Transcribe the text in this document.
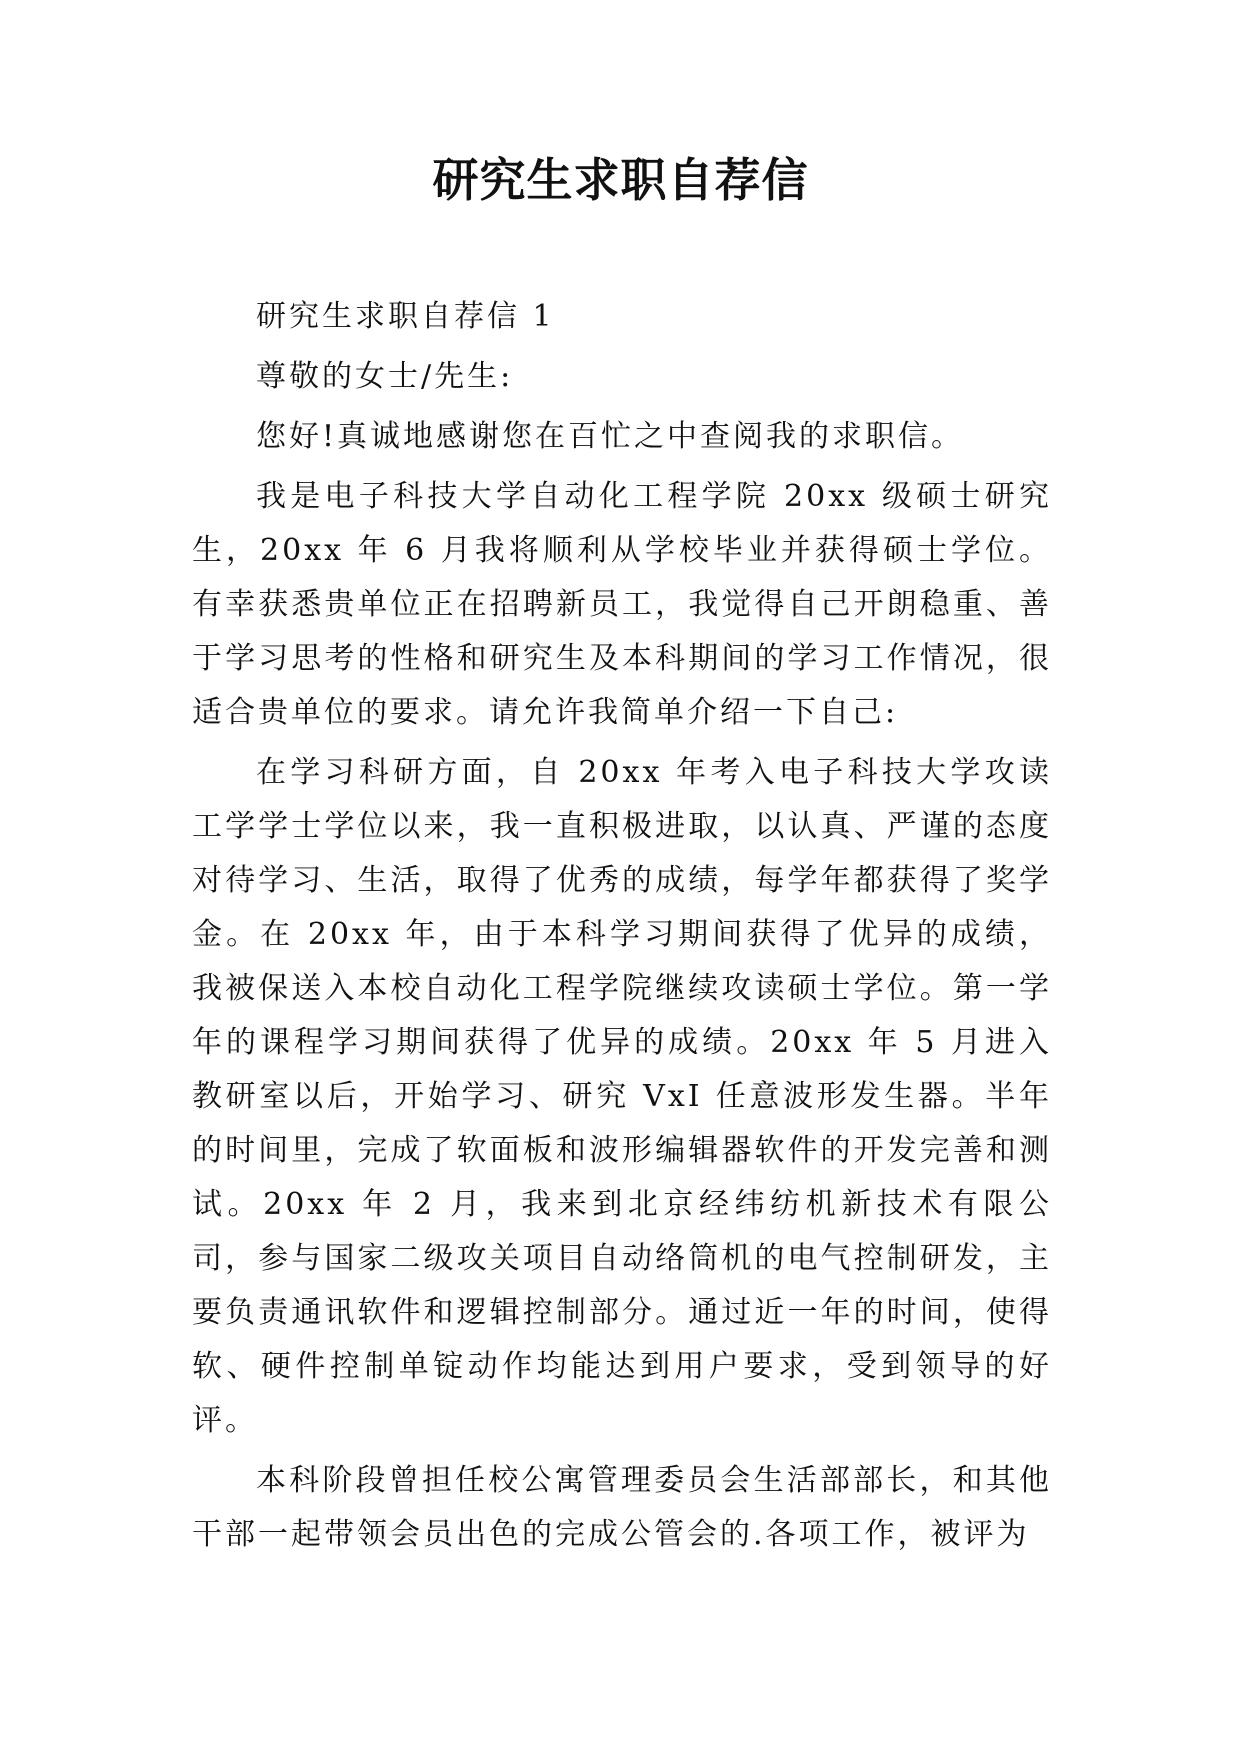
研究生求职自荐信

研究生求职自荐信 1

尊敬的女士/先生:

您好!真诚地感谢您在百忙之中查阅我的求职信。

我是电子科技大学自动化工程学院 20xx 级硕士研究生，20xx 年 6 月我将顺利从学校毕业并获得硕士学位。有幸获悉贵单位正在招聘新员工，我觉得自己开朗稳重、善于学习思考的性格和研究生及本科期间的学习工作情况，很适合贵单位的要求。请允许我简单介绍一下自己:

在学习科研方面，自 20xx 年考入电子科技大学攻读工学学士学位以来，我一直积极进取，以认真、严谨的态度对待学习、生活，取得了优秀的成绩，每学年都获得了奖学金。在 20xx 年，由于本科学习期间获得了优异的成绩，我被保送入本校自动化工程学院继续攻读硕士学位。第一学年的课程学习期间获得了优异的成绩。20xx 年 5 月进入教研室以后，开始学习、研究 VxI 任意波形发生器。半年的时间里，完成了软面板和波形编辑器软件的开发完善和测试。20xx 年 2 月，我来到北京经纬纺机新技术有限公司，参与国家二级攻关项目自动络筒机的电气控制研发，主要负责通讯软件和逻辑控制部分。通过近一年的时间，使得软、硬件控制单锭动作均能达到用户要求，受到领导的好评。

本科阶段曾担任校公寓管理委员会生活部部长，和其他干部一起带领会员出色的完成公管会的.各项工作，被评为
